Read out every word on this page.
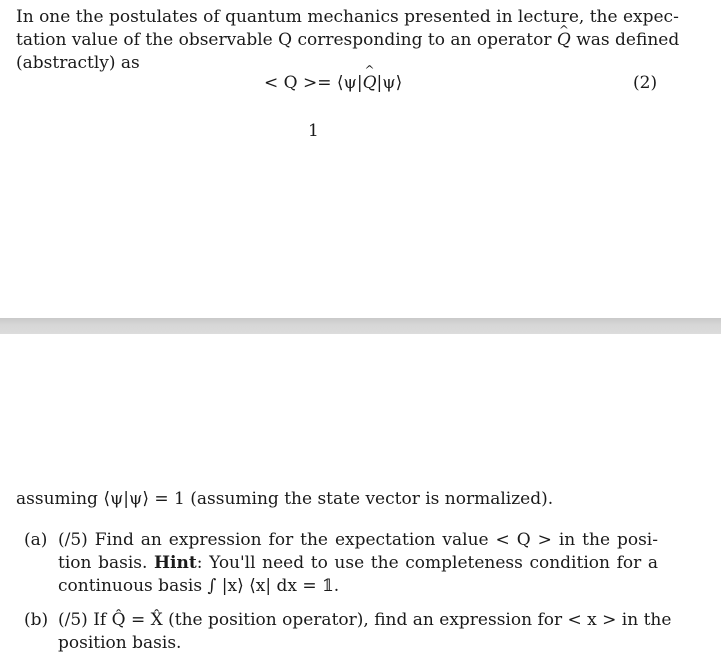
In one the postulates of quantum mechanics presented in lecture, the expec-
tation value of the observable Q corresponding to an operator ^ Q was defined
(abstractly) as
< Q >= ⟨ψ|^ Q|ψ⟩	(2)
1
assuming ⟨ψ|ψ⟩ = 1 (assuming the state vector is normalized).
(a) (/5) Find an expression for the expectation value < Q > in the posi-
tion basis. Hint: You'll need to use the completeness condition for a
continuous basis ∫ |x⟩ ⟨x| dx = 𝟙.
(b) (/5) If Q̂ = X̂ (the position operator), find an expression for < x > in the
position basis.
